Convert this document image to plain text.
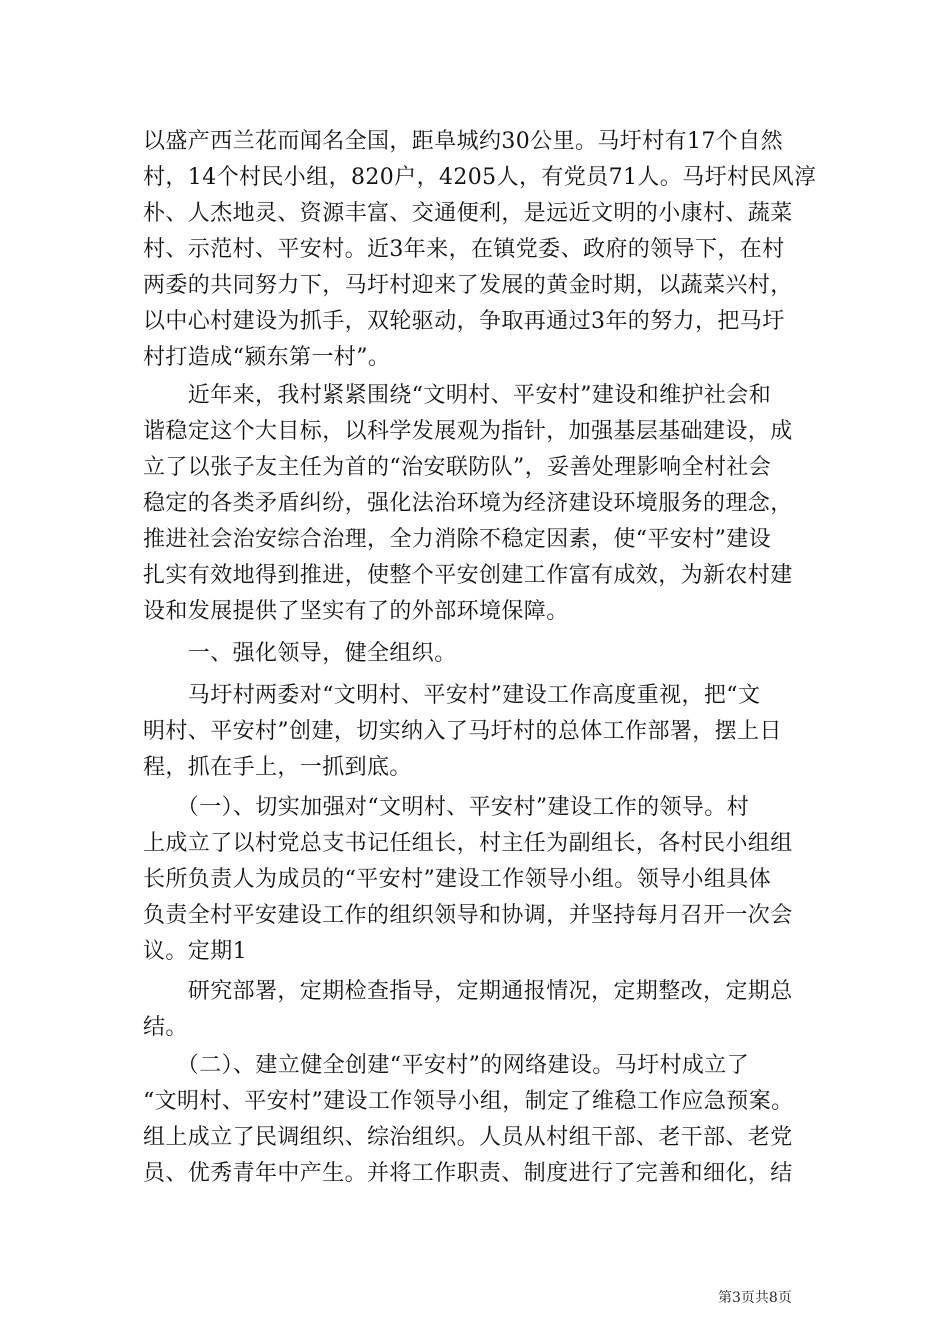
以盛产西兰花而闻名全国，距阜城约30公里。马圩村有17个自然
村，14个村民小组，820户，4205人，有党员71人。马圩村民风淳
朴、人杰地灵、资源丰富、交通便利，是远近文明的小康村、蔬菜
村、示范村、平安村。近3年来，在镇党委、政府的领导下，在村
两委的共同努力下，马圩村迎来了发展的黄金时期，以蔬菜兴村，
以中心村建设为抓手，双轮驱动，争取再通过3年的努力，把马圩
村打造成“颍东第一村”。
　　近年来，我村紧紧围绕“文明村、平安村”建设和维护社会和
谐稳定这个大目标，以科学发展观为指针，加强基层基础建设，成
立了以张子友主任为首的“治安联防队”，妥善处理影响全村社会
稳定的各类矛盾纠纷，强化法治环境为经济建设环境服务的理念，
推进社会治安综合治理，全力消除不稳定因素，使“平安村”建设
扎实有效地得到推进，使整个平安创建工作富有成效，为新农村建
设和发展提供了坚实有了的外部环境保障。
　　一、强化领导，健全组织。
　　马圩村两委对“文明村、平安村”建设工作高度重视，把“文
明村、平安村”创建，切实纳入了马圩村的总体工作部署，摆上日
程，抓在手上，一抓到底。
　　（一）、切实加强对“文明村、平安村”建设工作的领导。村
上成立了以村党总支书记任组长，村主任为副组长，各村民小组组
长所负责人为成员的“平安村”建设工作领导小组。领导小组具体
负责全村平安建设工作的组织领导和协调，并坚持每月召开一次会
议。定期1
　　研究部署，定期检查指导，定期通报情况，定期整改，定期总
结。
　　（二）、建立健全创建“平安村”的网络建设。马圩村成立了
“文明村、平安村”建设工作领导小组，制定了维稳工作应急预案。
组上成立了民调组织、综治组织。人员从村组干部、老干部、老党
员、优秀青年中产生。并将工作职责、制度进行了完善和细化，结
第3页共8页
